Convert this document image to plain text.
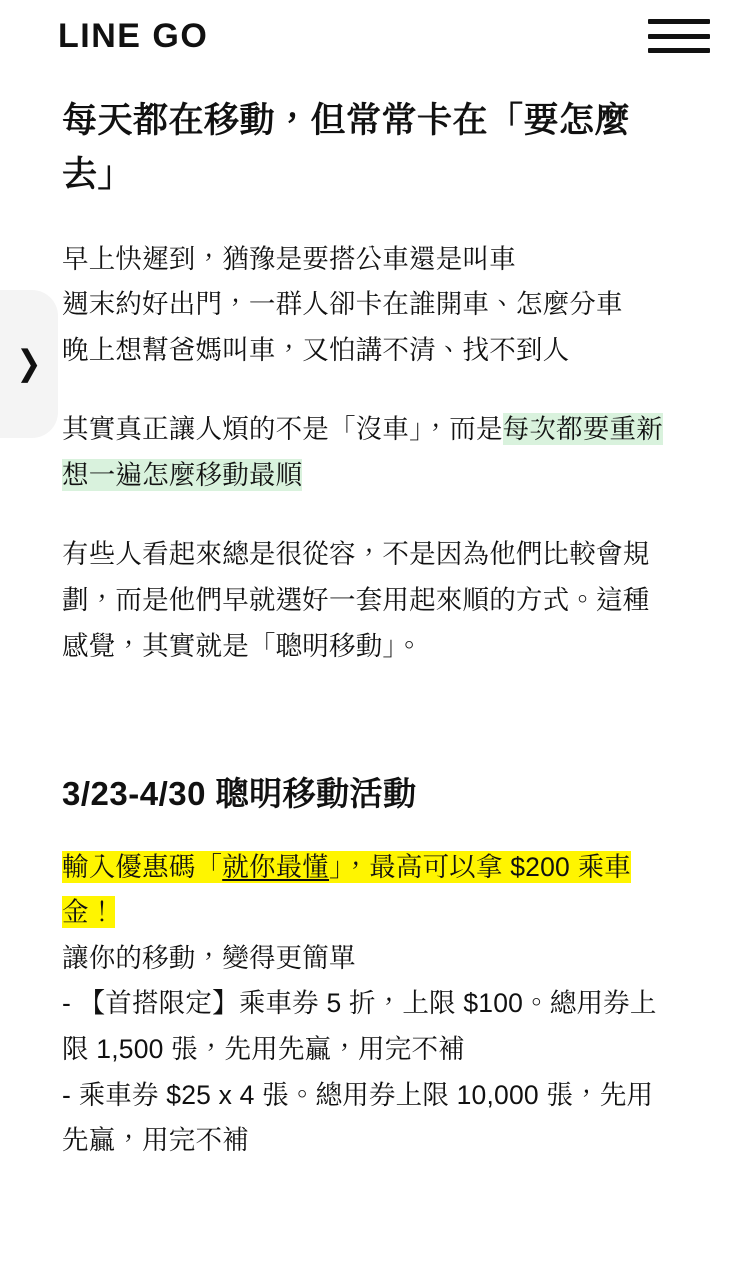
LINE GO
❯
每天都在移動，但常常卡在「要怎麼去」

早上快遲到，猶豫是要搭公車還是叫車
週末約好出門，一群人卻卡在誰開車、怎麼分車
晚上想幫爸媽叫車，又怕講不清、找不到人

其實真正讓人煩的不是「沒車」，而是每次都要重新想一遍怎麼移動最順

有些人看起來總是很從容，不是因為他們比較會規劃，而是他們早就選好一套用起來順的方式。這種感覺，其實就是「聰明移動」。

3/23-4/30 聰明移動活動

輸入優惠碼「就你最懂」，最高可以拿 $200 乘車金！
讓你的移動，變得更簡單
- 【首搭限定】乘車券 5 折，上限 $100。總用券上限 1,500 張，先用先贏，用完不補
- 乘車券 $25 x 4 張。總用券上限 10,000 張，先用先贏，用完不補
